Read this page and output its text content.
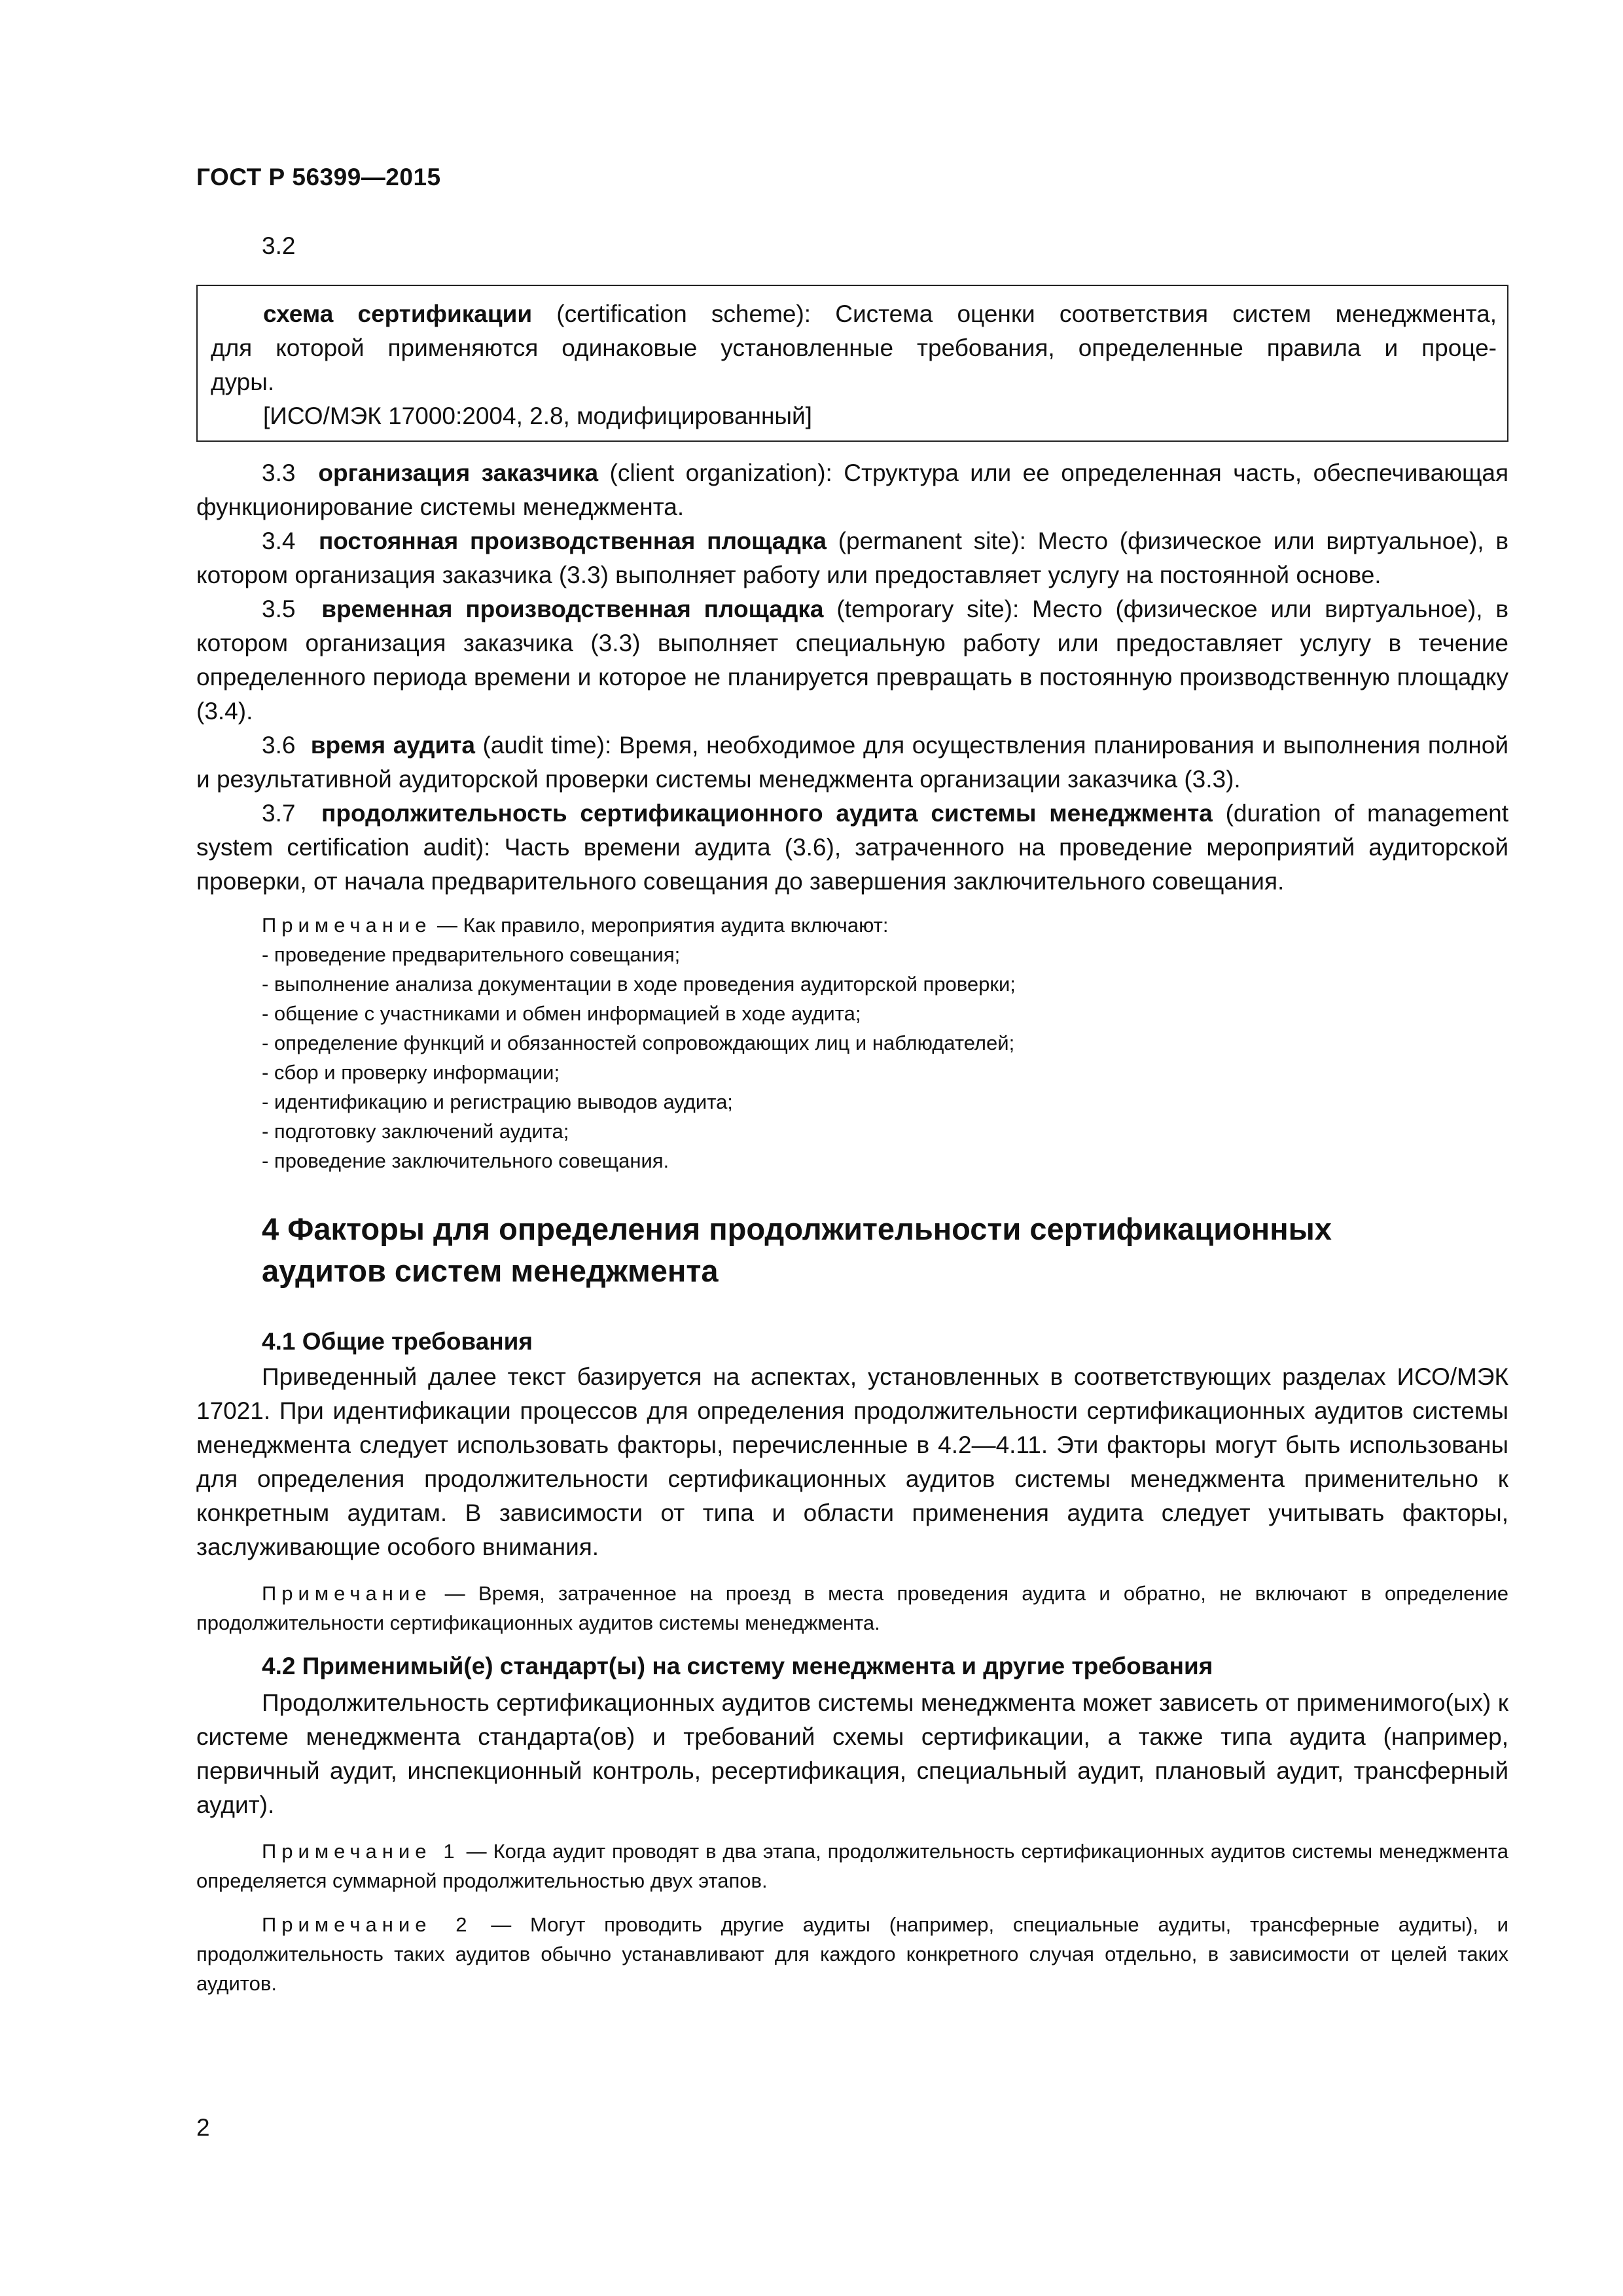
ГОСТ Р 56399—2015
3.2

схема сертификации (certification scheme): Система оценки соответствия систем менеджмента,

для которой применяются одинаковые установленные требования, определенные правила и проце-

дуры.

[ИСО/МЭК 17000:2004, 2.8, модифицированный]

3.3 организация заказчика (client organization): Структура или ее определенная часть, обеспечивающая функционирование системы менеджмента.

3.4 постоянная производственная площадка (permanent site): Место (физическое или виртуальное), в котором организация заказчика (3.3) выполняет работу или предоставляет услугу на постоянной основе.

3.5 временная производственная площадка (temporary site): Место (физическое или виртуальное), в котором организация заказчика (3.3) выполняет специальную работу или предоставляет услугу в течение определенного периода времени и которое не планируется превращать в постоянную производственную площадку (3.4).

3.6 время аудита (audit time): Время, необходимое для осуществления планирования и выполнения полной и результативной аудиторской проверки системы менеджмента организации заказчика (3.3).

3.7 продолжительность сертификационного аудита системы менеджмента (duration of management system certification audit): Часть времени аудита (3.6), затраченного на проведение мероприятий аудиторской проверки, от начала предварительного совещания до завершения заключительного совещания.

Примечание — Как правило, мероприятия аудита включают:

- проведение предварительного совещания;
- выполнение анализа документации в ходе проведения аудиторской проверки;
- общение с участниками и обмен информацией в ходе аудита;
- определение функций и обязанностей сопровождающих лиц и наблюдателей;
- сбор и проверку информации;
- идентификацию и регистрацию выводов аудита;
- подготовку заключений аудита;
- проведение заключительного совещания.
4 Факторы для определения продолжительности сертификационных
аудитов систем менеджмента
4.1 Общие требования

Приведенный далее текст базируется на аспектах, установленных в соответствующих разделах ИСО/МЭК 17021. При идентификации процессов для определения продолжительности сертификационных аудитов системы менеджмента следует использовать факторы, перечисленные в 4.2—4.11. Эти факторы могут быть использованы для определения продолжительности сертификационных аудитов системы менеджмента применительно к конкретным аудитам. В зависимости от типа и области применения аудита следует учитывать факторы, заслуживающие особого внимания.

Примечание — Время, затраченное на проезд в места проведения аудита и обратно, не включают в определение продолжительности сертификационных аудитов системы менеджмента.

4.2 Применимый(е) стандарт(ы) на систему менеджмента и другие требования

Продолжительность сертификационных аудитов системы менеджмента может зависеть от применимого(ых) к системе менеджмента стандарта(ов) и требований схемы сертификации, а также типа аудита (например, первичный аудит, инспекционный контроль, ресертификация, специальный аудит, плановый аудит, трансферный аудит).

Примечание 1 — Когда аудит проводят в два этапа, продолжительность сертификационных аудитов системы менеджмента определяется суммарной продолжительностью двух этапов.

Примечание 2 — Могут проводить другие аудиты (например, специальные аудиты, трансферные аудиты), и продолжительность таких аудитов обычно устанавливают для каждого конкретного случая отдельно, в зависимости от целей таких аудитов.

2
